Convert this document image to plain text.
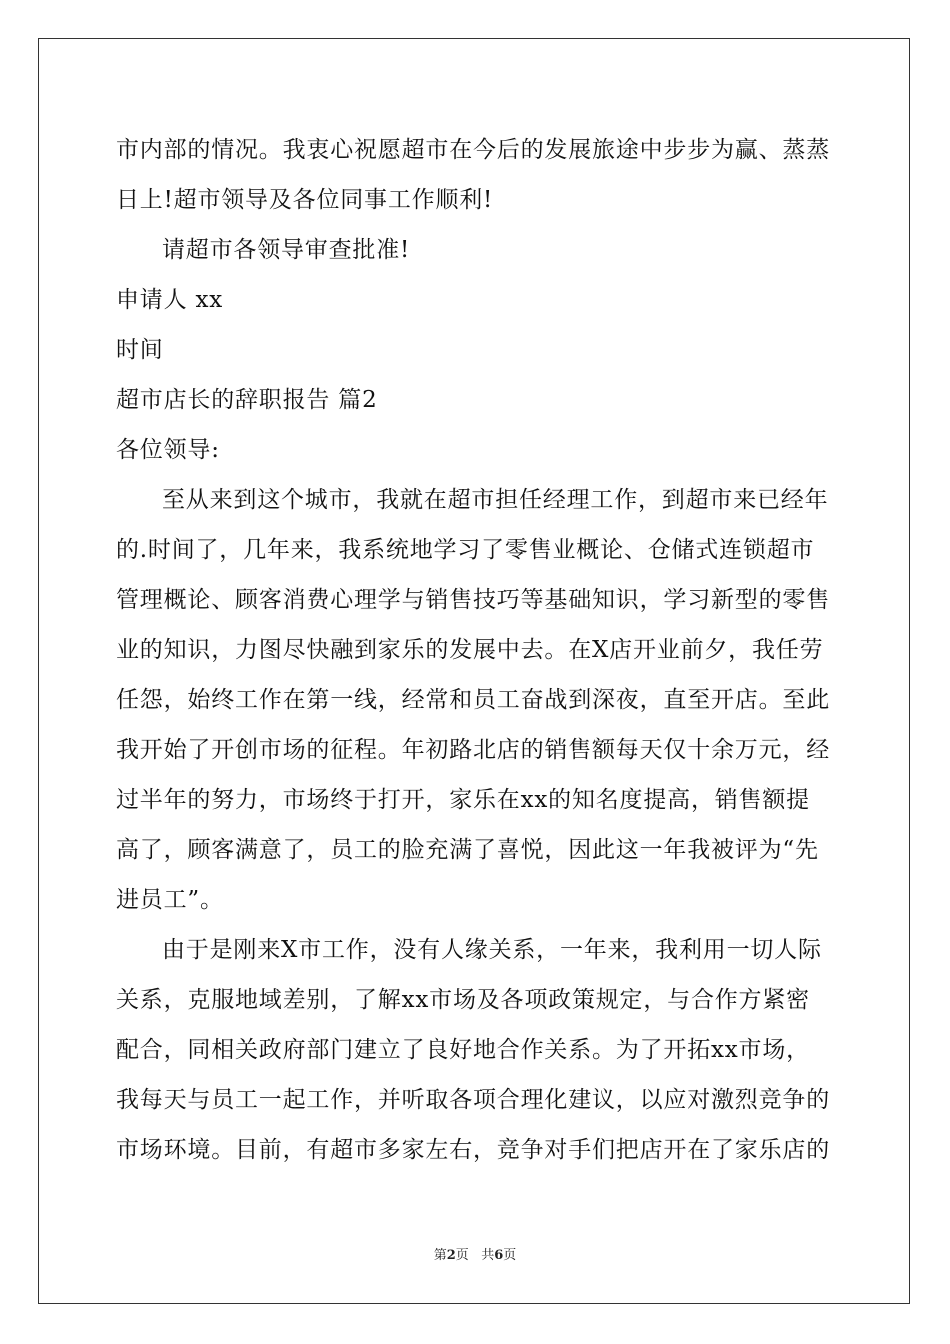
市内部的情况。我衷心祝愿超市在今后的发展旅途中步步为赢、蒸蒸
日上!超市领导及各位同事工作顺利!
请超市各领导审查批准!
申请人 xx
时间
超市店长的辞职报告 篇2
各位领导:
至从来到这个城市，我就在超市担任经理工作，到超市来已经年
的.时间了，几年来，我系统地学习了零售业概论、仓储式连锁超市
管理概论、顾客消费心理学与销售技巧等基础知识，学习新型的零售
业的知识，力图尽快融到家乐的发展中去。在X店开业前夕，我任劳
任怨，始终工作在第一线，经常和员工奋战到深夜，直至开店。至此
我开始了开创市场的征程。年初路北店的销售额每天仅十余万元，经
过半年的努力，市场终于打开，家乐在xx的知名度提高，销售额提
高了，顾客满意了，员工的脸充满了喜悦，因此这一年我被评为“先
进员工”。
由于是刚来X市工作，没有人缘关系，一年来，我利用一切人际
关系，克服地域差别，了解xx市场及各项政策规定，与合作方紧密
配合，同相关政府部门建立了良好地合作关系。为了开拓xx市场，
我每天与员工一起工作，并听取各项合理化建议，以应对激烈竞争的
市场环境。目前，有超市多家左右，竞争对手们把店开在了家乐店的
第2页 共6页
